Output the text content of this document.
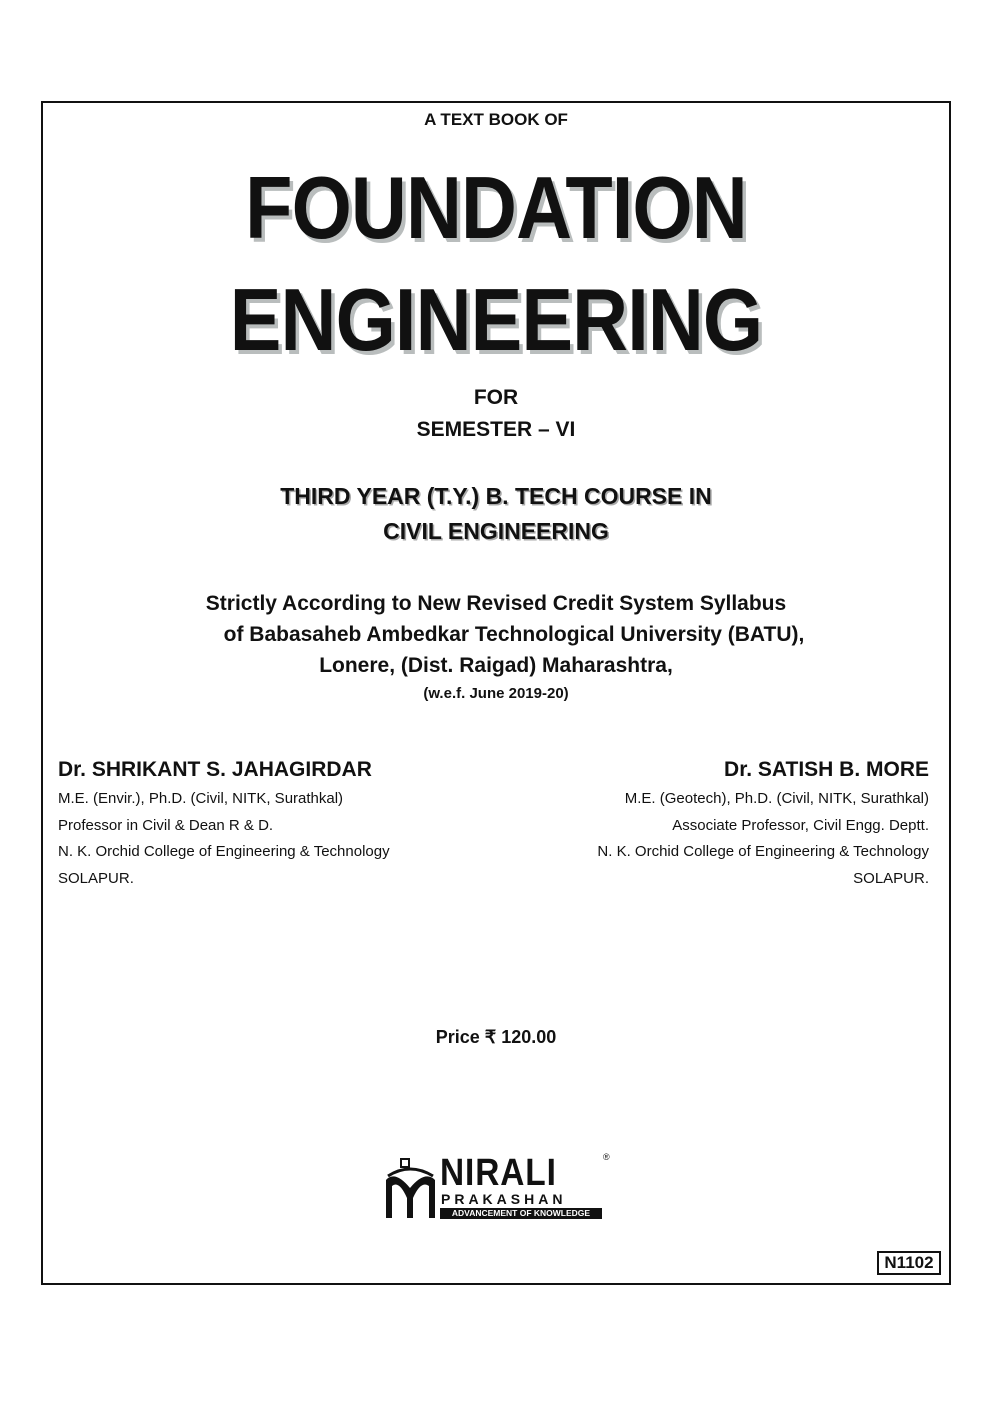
A TEXT BOOK OF
FOUNDATION
ENGINEERING
FOR
SEMESTER – VI
THIRD YEAR (T.Y.) B. TECH COURSE IN
CIVIL ENGINEERING
Strictly According to New Revised Credit System Syllabus
of Babasaheb Ambedkar Technological University (BATU),
Lonere, (Dist. Raigad) Maharashtra,
(w.e.f. June 2019-20)
Dr. SHRIKANT S. JAHAGIRDAR
M.E. (Envir.), Ph.D. (Civil, NITK, Surathkal)
Professor in Civil & Dean R & D.
N. K. Orchid College of Engineering & Technology
SOLAPUR.
Dr. SATISH B. MORE
M.E. (Geotech), Ph.D. (Civil, NITK, Surathkal)
Associate Professor, Civil Engg. Deptt.
N. K. Orchid College of Engineering & Technology
SOLAPUR.
Price ₹ 120.00
NIRALI
PRAKASHAN
ADVANCEMENT OF KNOWLEDGE
®
N1102
